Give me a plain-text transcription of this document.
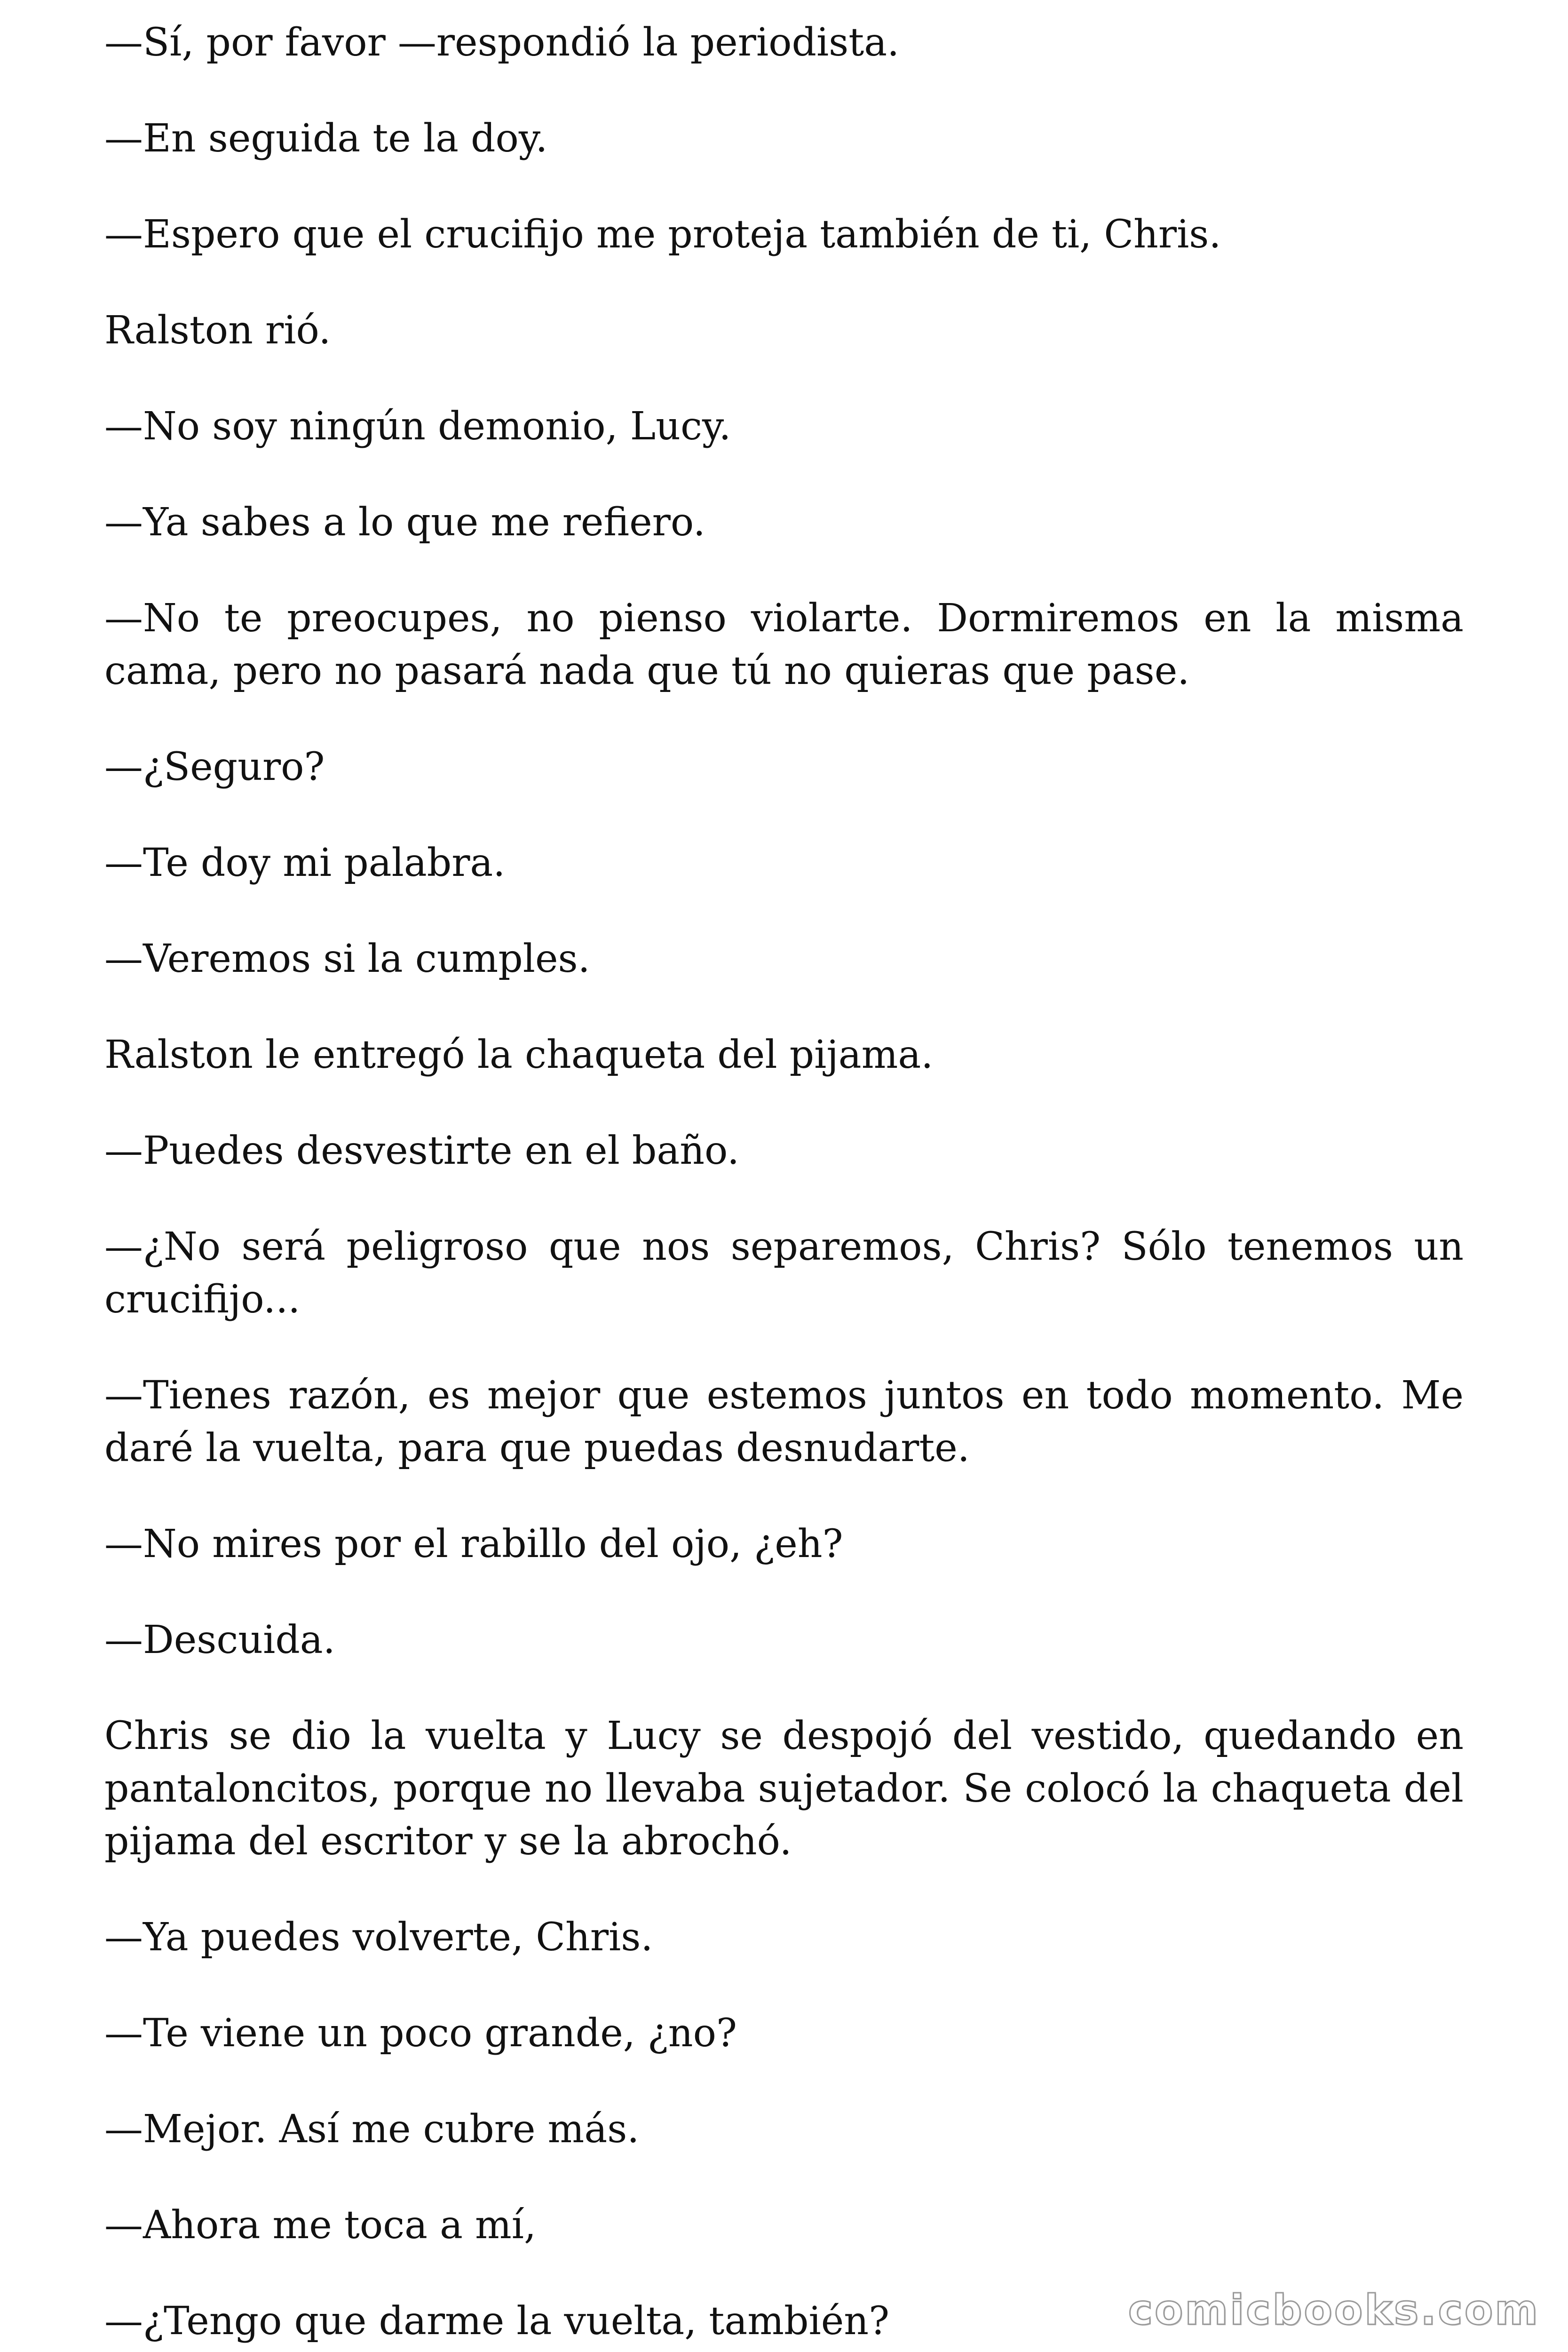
—Sí, por favor —respondió la periodista.

—En seguida te la doy.

—Espero que el crucifijo me proteja también de ti, Chris.

Ralston rió.

—No soy ningún demonio, Lucy.

—Ya sabes a lo que me refiero.

—No te preocupes, no pienso violarte. Dormiremos en la misma cama, pero no pasará nada que tú no quieras que pase.

—¿Seguro?

—Te doy mi palabra.

—Veremos si la cumples.

Ralston le entregó la chaqueta del pijama.

—Puedes desvestirte en el baño.

—¿No será peligroso que nos separemos, Chris? Sólo tenemos un crucifijo...

—Tienes razón, es mejor que estemos juntos en todo momento. Me daré la vuelta, para que puedas desnudarte.

—No mires por el rabillo del ojo, ¿eh?

—Descuida.

Chris se dio la vuelta y Lucy se despojó del vestido, quedando en pantaloncitos, porque no llevaba sujetador. Se colocó la chaqueta del pijama del escritor y se la abrochó.

—Ya puedes volverte, Chris.

—Te viene un poco grande, ¿no?

—Mejor. Así me cubre más.

—Ahora me toca a mí,

—¿Tengo que darme la vuelta, también?	comicbooks.com
